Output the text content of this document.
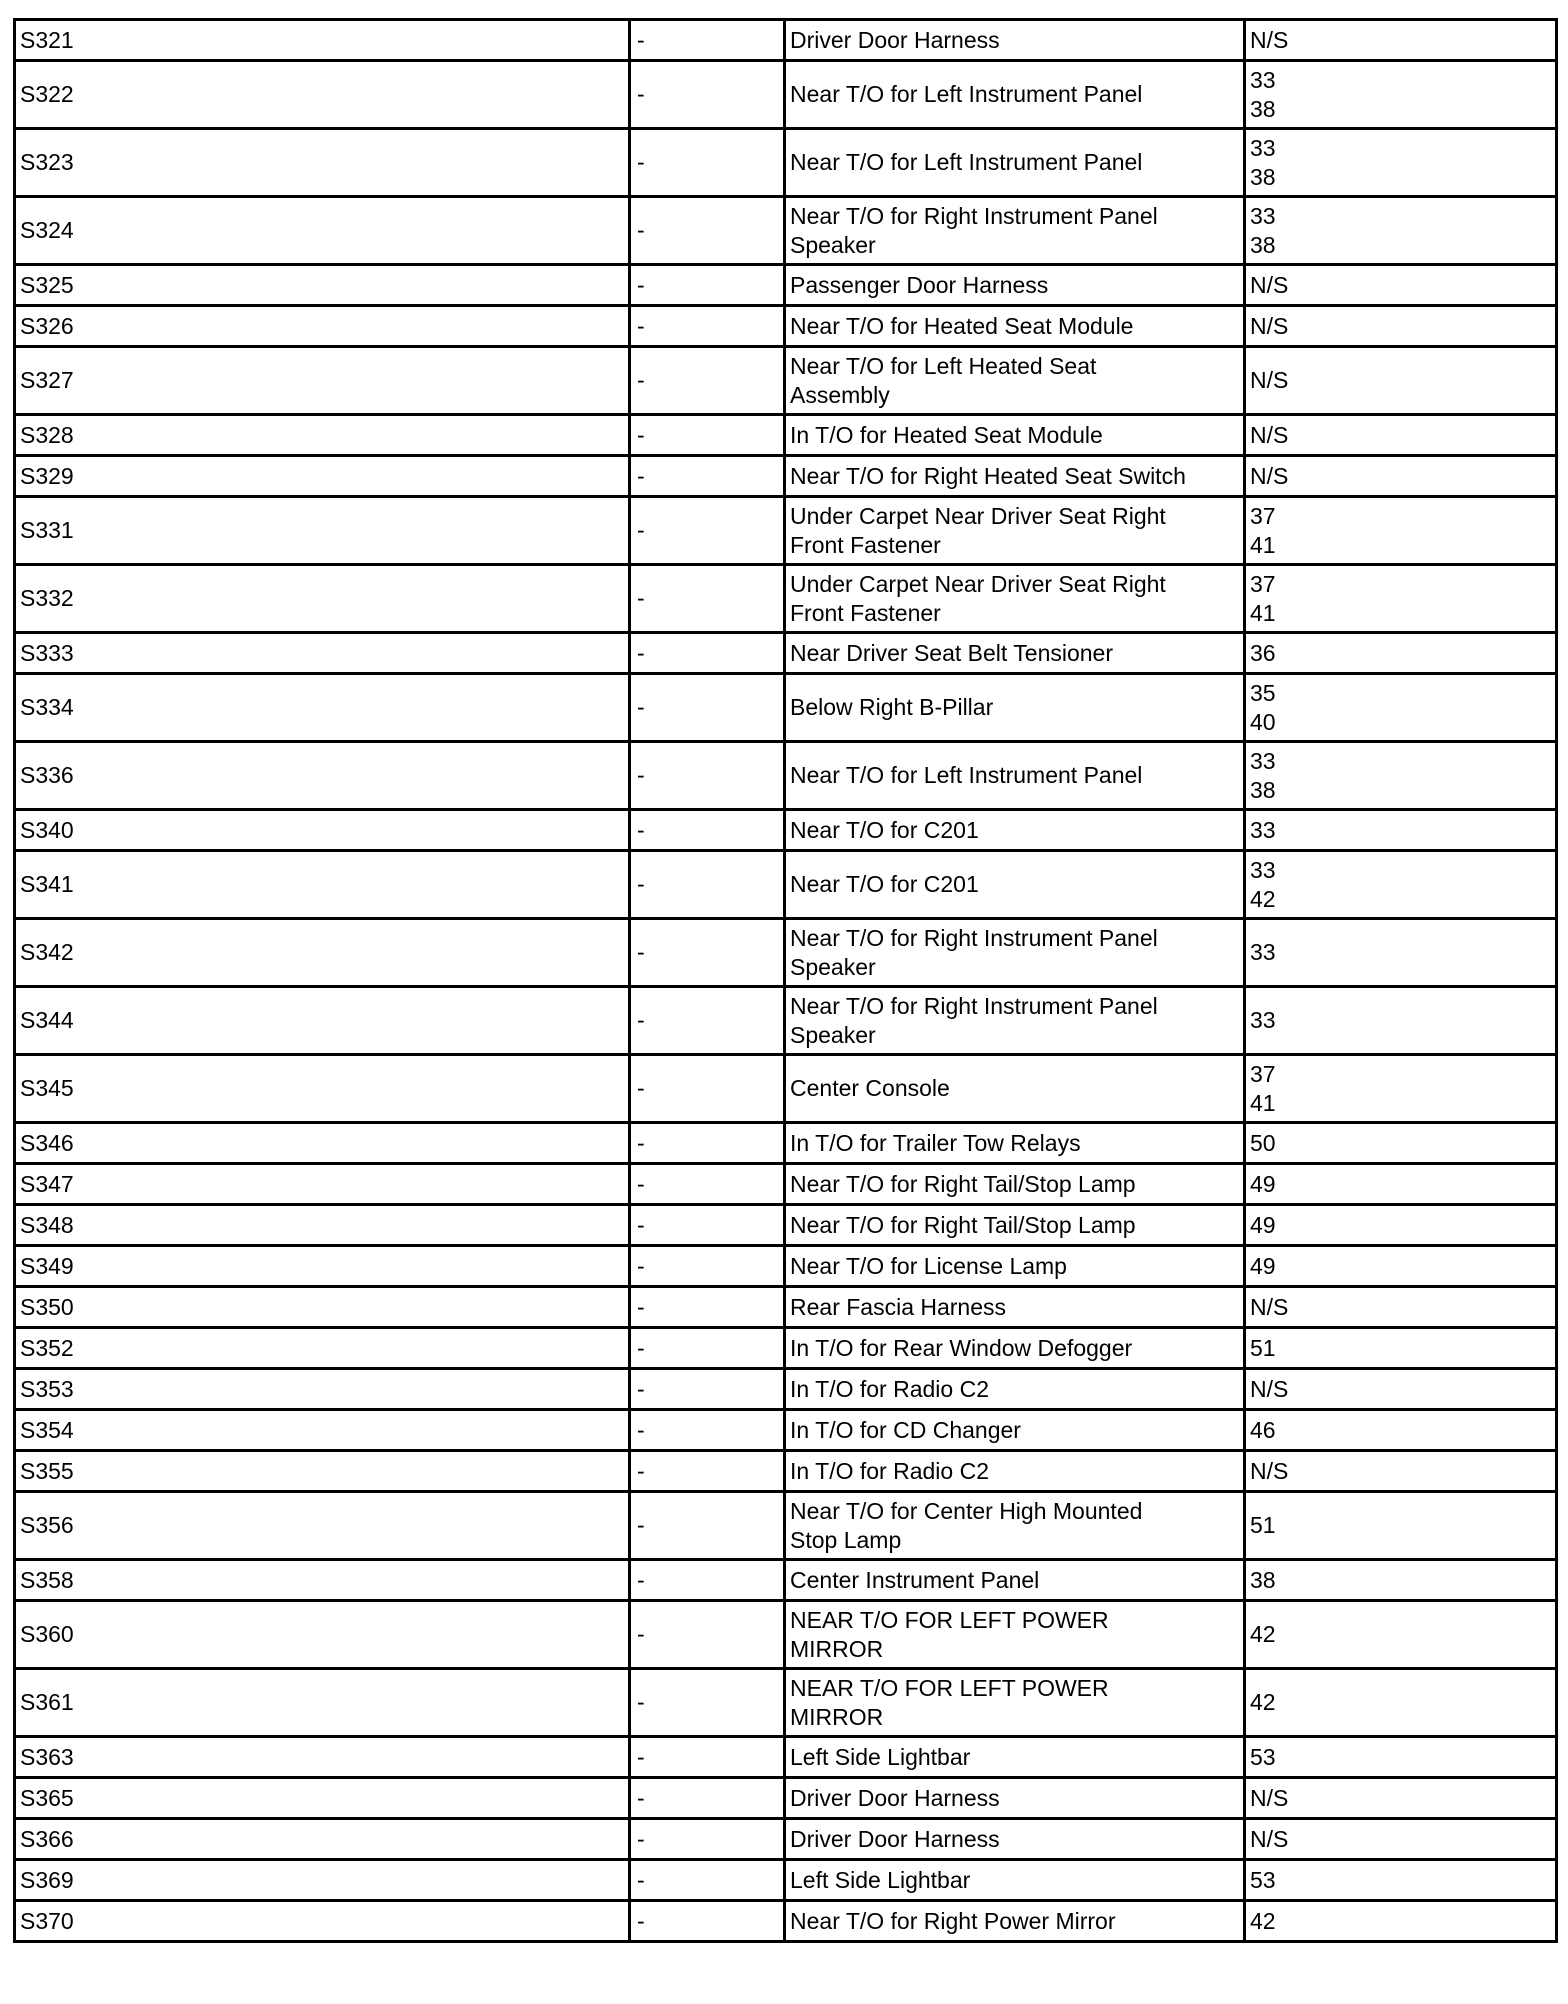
S321	-	Driver Door Harness	N/S
S322	-	Near T/O for Left Instrument Panel	33
38
S323	-	Near T/O for Left Instrument Panel	33
38
S324	-	Near T/O for Right Instrument Panel
Speaker	33
38
S325	-	Passenger Door Harness	N/S
S326	-	Near T/O for Heated Seat Module	N/S
S327	-	Near T/O for Left Heated Seat
Assembly	N/S
S328	-	In T/O for Heated Seat Module	N/S
S329	-	Near T/O for Right Heated Seat Switch	N/S
S331	-	Under Carpet Near Driver Seat Right
Front Fastener	37
41
S332	-	Under Carpet Near Driver Seat Right
Front Fastener	37
41
S333	-	Near Driver Seat Belt Tensioner	36
S334	-	Below Right B-Pillar	35
40
S336	-	Near T/O for Left Instrument Panel	33
38
S340	-	Near T/O for C201	33
S341	-	Near T/O for C201	33
42
S342	-	Near T/O for Right Instrument Panel
Speaker	33
S344	-	Near T/O for Right Instrument Panel
Speaker	33
S345	-	Center Console	37
41
S346	-	In T/O for Trailer Tow Relays	50
S347	-	Near T/O for Right Tail/Stop Lamp	49
S348	-	Near T/O for Right Tail/Stop Lamp	49
S349	-	Near T/O for License Lamp	49
S350	-	Rear Fascia Harness	N/S
S352	-	In T/O for Rear Window Defogger	51
S353	-	In T/O for Radio C2	N/S
S354	-	In T/O for CD Changer	46
S355	-	In T/O for Radio C2	N/S
S356	-	Near T/O for Center High Mounted
Stop Lamp	51
S358	-	Center Instrument Panel	38
S360	-	NEAR T/O FOR LEFT POWER
MIRROR	42
S361	-	NEAR T/O FOR LEFT POWER
MIRROR	42
S363	-	Left Side Lightbar	53
S365	-	Driver Door Harness	N/S
S366	-	Driver Door Harness	N/S
S369	-	Left Side Lightbar	53
S370	-	Near T/O for Right Power Mirror	42
